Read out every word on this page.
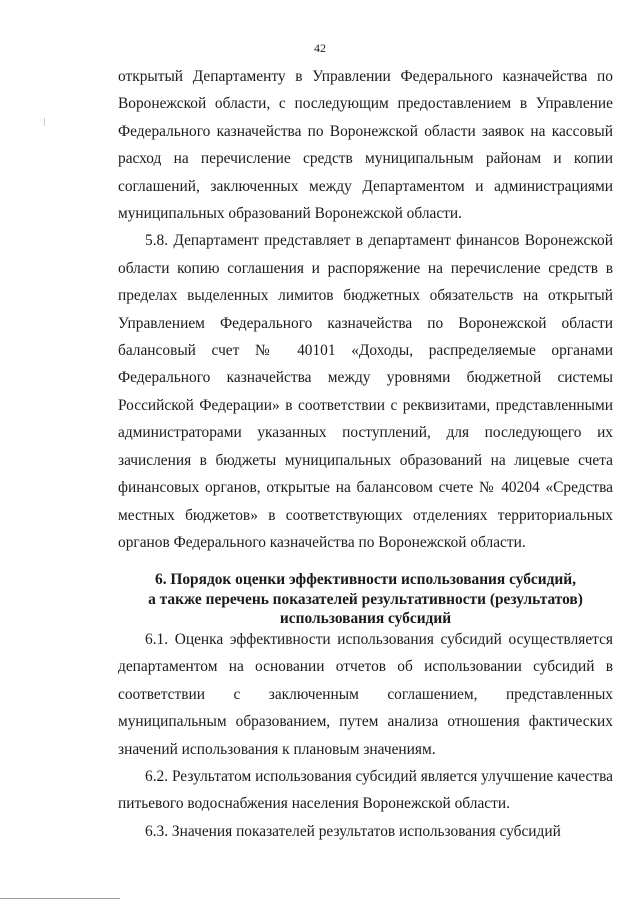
42

открытый Департаменту в Управлении Федерального казначейства по Воронежской области, с последующим предоставлением в Управление Федерального казначейства по Воронежской области заявок на кассовый расход на перечисление средств муниципальным районам и копии соглашений, заключенных между Департаментом и администрациями муниципальных образований Воронежской области.

5.8. Департамент представляет в департамент финансов Воронежской области копию соглашения и распоряжение на перечисление средств в пределах выделенных лимитов бюджетных обязательств на открытый Управлением Федерального казначейства по Воронежской области балансовый счет № 40101 «Доходы, распределяемые органами Федерального казначейства между уровнями бюджетной системы Российской Федерации» в соответствии с реквизитами, представленными администраторами указанных поступлений, для последующего их зачисления в бюджеты муниципальных образований на лицевые счета финансовых органов, открытые на балансовом счете № 40204 «Средства местных бюджетов» в соответствующих отделениях территориальных органов Федерального казначейства по Воронежской области.

6. Порядок оценки эффективности использования субсидий,
а также перечень показателей результативности (результатов)
использования субсидий

6.1. Оценка эффективности использования субсидий осуществляется департаментом на основании отчетов об использовании субсидий в соответствии с заключенным соглашением, представленных муниципальным образованием, путем анализа отношения фактических значений использования к плановым значениям.

6.2. Результатом использования субсидий является улучшение качества питьевого водоснабжения населения Воронежской области.

6.3. Значения показателей результатов использования субсидий
